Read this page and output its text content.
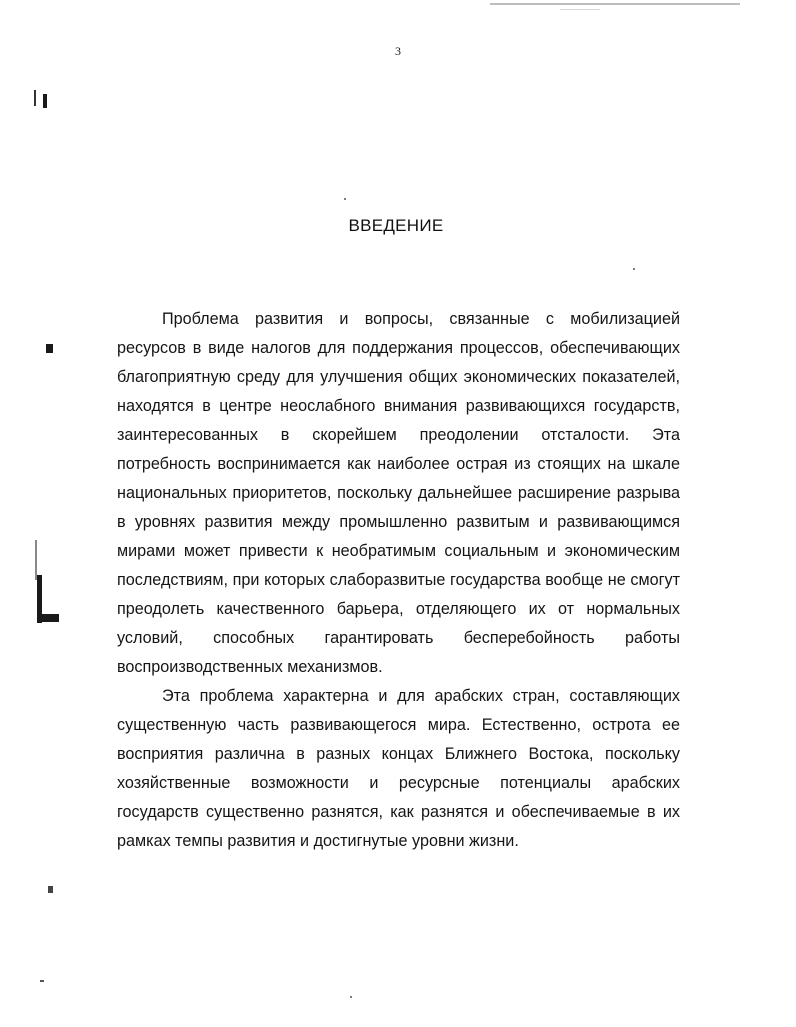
3
ВВЕДЕНИЕ

Проблема развития и вопросы, связанные с мобилизацией ресурсов в виде налогов для поддержания процессов, обеспечивающих благоприятную среду для улучшения общих экономических показателей, находятся в центре неослабного внимания развивающихся государств, заинтересованных в скорейшем преодолении отсталости. Эта потребность воспринимается как наиболее острая из стоящих на шкале национальных приоритетов, поскольку дальнейшее расширение разрыва в уровнях развития между промышленно развитым и развивающимся мирами может привести к необратимым социальным и экономическим последствиям, при которых слаборазвитые государства вообще не смогут преодолеть качественного барьера, отделяющего их от нормальных условий, способных гарантировать бесперебойность работы воспроизводственных механизмов.

Эта проблема характерна и для арабских стран, составляющих существенную часть развивающегося мира. Естественно, острота ее восприятия различна в разных концах Ближнего Востока, поскольку хозяйственные возможности и ресурсные потенциалы арабских государств существенно разнятся, как разнятся и обеспечиваемые в их рамках темпы развития и достигнутые уровни жизни.
